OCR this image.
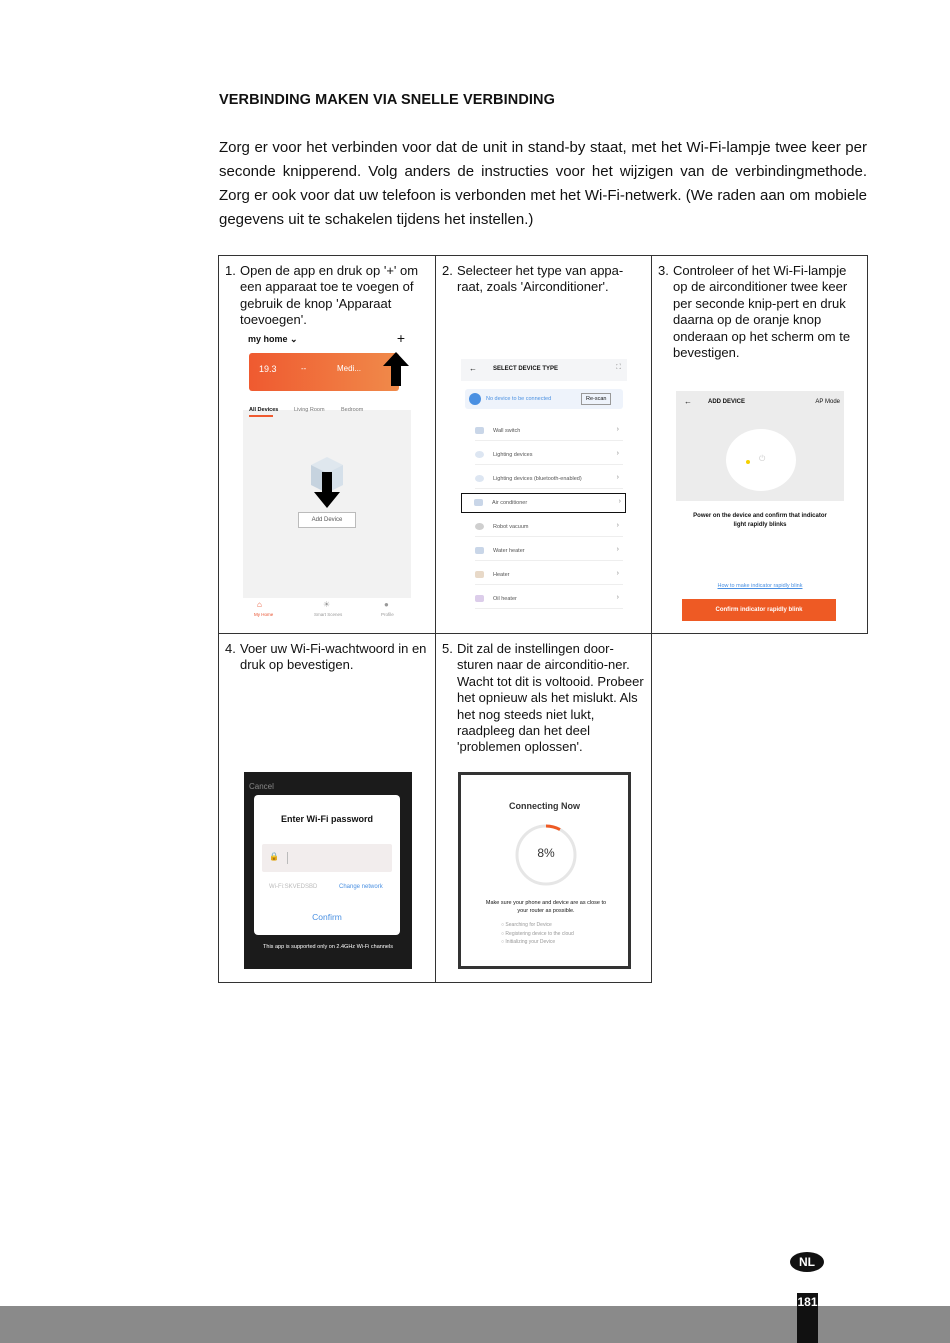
VERBINDING MAKEN VIA SNELLE VERBINDING
Zorg er voor het verbinden voor dat de unit in stand-by staat, met het Wi-Fi-lampje twee keer per seconde knipperend. Volg anders de instructies voor het wijzigen van de verbindingmethode. Zorg er ook voor dat uw telefoon is verbonden met het Wi-Fi-netwerk. (We raden aan om mobiele gegevens uit te schakelen tijdens het instellen.)
1. Open de app en druk op '+' om een apparaat toe te voegen of gebruik de knop 'Apparaat toevoegen'.
my home ⌄	+
19.3	--	Medi...
All Devices	Living Room	Bedroom
Add Device
⌂
My Home
☀
Smart Scenes
●
Profile
2. Selecteer het type van appa-raat, zoals 'Airconditioner'.
←	SELECT DEVICE TYPE	⛶
No device to be connected	Re-scan
Wall switch	›
Lighting devices	›
Lighting devices (bluetooth-enabled)	›
Air conditioner	›
Robot vacuum	›
Water heater	›
Heater	›
Oil heater	›
3. Controleer of het Wi-Fi-lampje op de airconditioner twee keer per seconde knip-pert en druk daarna op de oranje knop onderaan op het scherm om te bevestigen.
←	ADD DEVICE	AP Mode
⏻
Power on the device and confirm that indicator light rapidly blinks
How to make indicator rapidly blink
Confirm indicator rapidly blink
4. Voer uw Wi-Fi-wachtwoord in en druk op bevestigen.
Cancel
Enter Wi-Fi password
🔒
Wi-Fi:SKVEDSBD	Change network
Confirm
This app is supported only on 2.4GHz Wi-Fi channels
5. Dit zal de instellingen door-sturen naar de airconditio-ner. Wacht tot dit is voltooid. Probeer het opnieuw als het mislukt. Als het nog steeds niet lukt, raadpleeg dan het deel 'problemen oplossen'.
Connecting Now
8%
Make sure your phone and device are as close to your router as possible.
○ Searching for Device
○ Registering device to the cloud
○ Initializing your Device
NL
181
